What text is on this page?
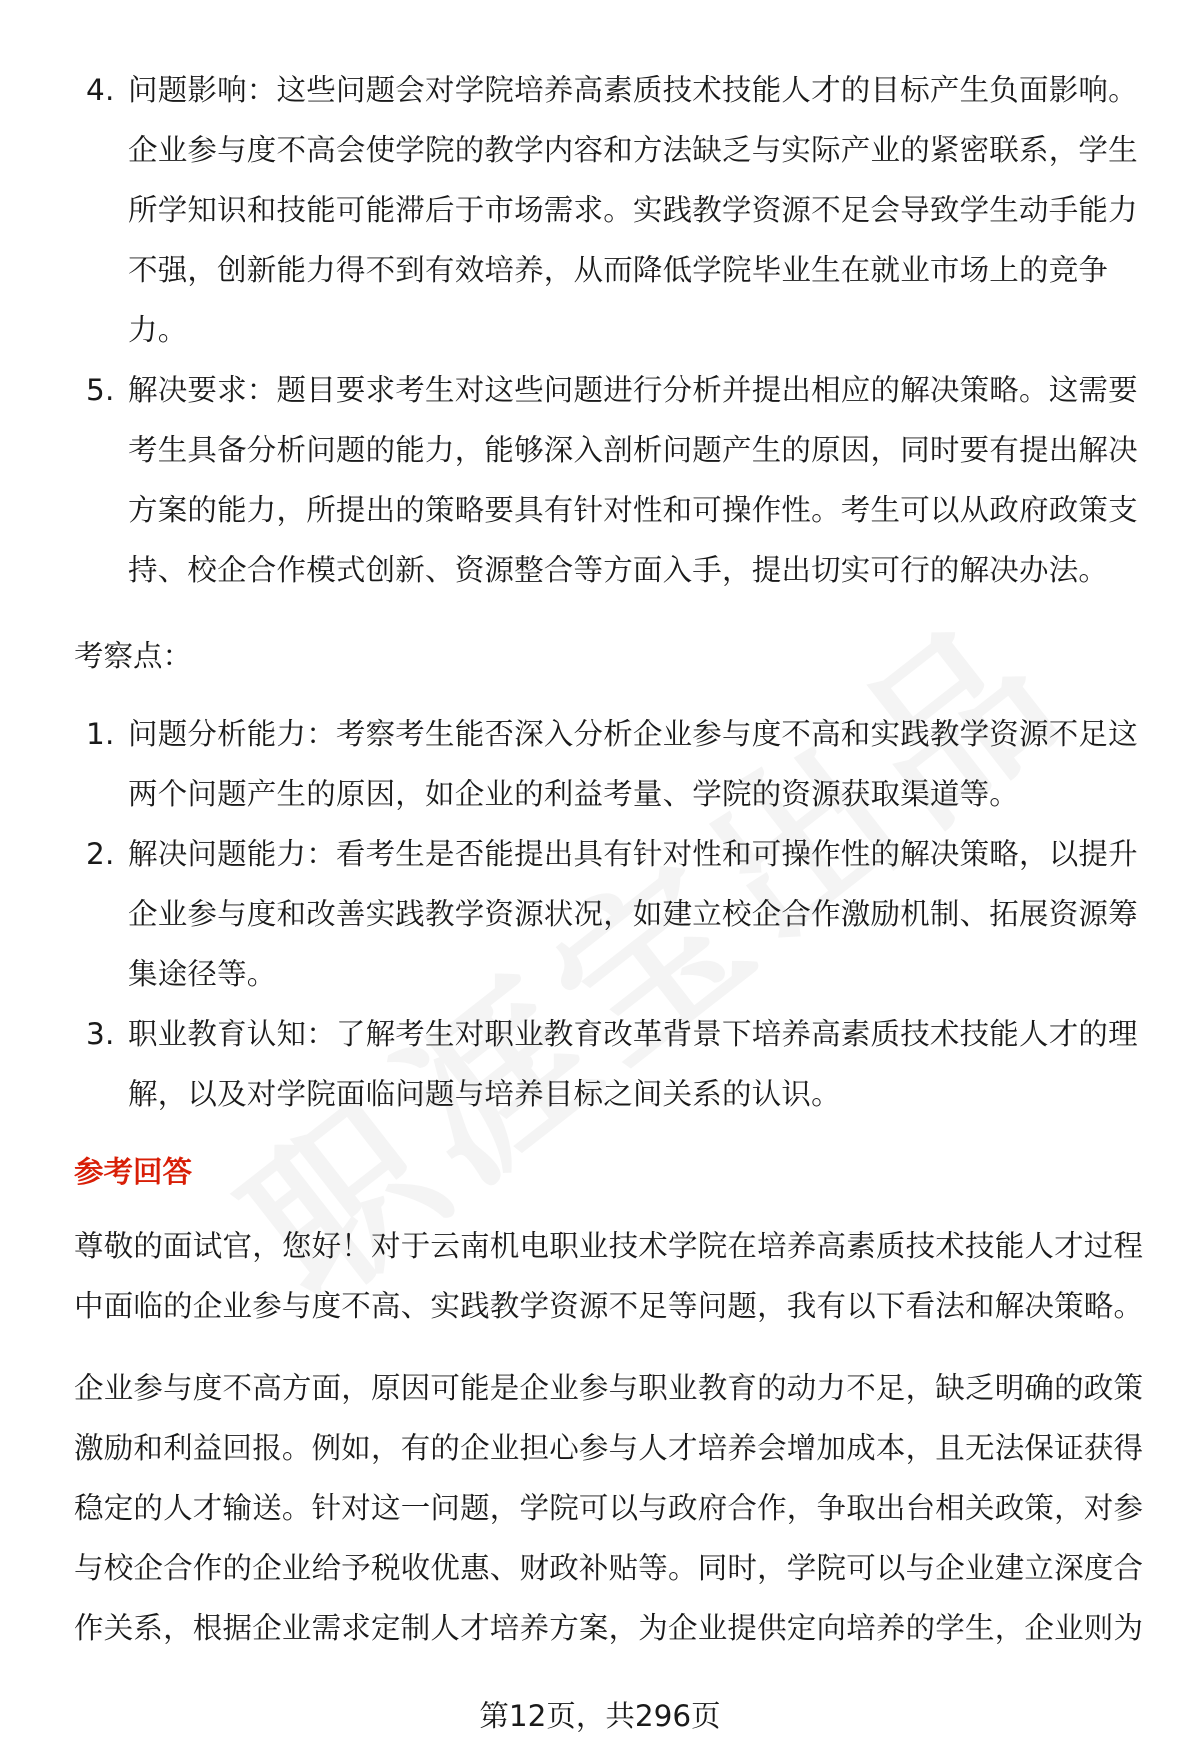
4. 问题影响：这些问题会对学院培养高素质技术技能人才的目标产生负面影响。企业参与度不高会使学院的教学内容和方法缺乏与实际产业的紧密联系，学生所学知识和技能可能滞后于市场需求。实践教学资源不足会导致学生动手能力不强，创新能力得不到有效培养，从而降低学院毕业生在就业市场上的竞争力。
5. 解决要求：题目要求考生对这些问题进行分析并提出相应的解决策略。这需要考生具备分析问题的能力，能够深入剖析问题产生的原因，同时要有提出解决方案的能力，所提出的策略要具有针对性和可操作性。考生可以从政府政策支持、校企合作模式创新、资源整合等方面入手，提出切实可行的解决办法。
考察点：
1. 问题分析能力：考察考生能否深入分析企业参与度不高和实践教学资源不足这两个问题产生的原因，如企业的利益考量、学院的资源获取渠道等。
2. 解决问题能力：看考生是否能提出具有针对性和可操作性的解决策略，以提升企业参与度和改善实践教学资源状况，如建立校企合作激励机制、拓展资源筹集途径等。
3. 职业教育认知：了解考生对职业教育改革背景下培养高素质技术技能人才的理解，以及对学院面临问题与培养目标之间关系的认识。
参考回答

尊敬的面试官，您好！对于云南机电职业技术学院在培养高素质技术技能人才过程中面临的企业参与度不高、实践教学资源不足等问题，我有以下看法和解决策略。

企业参与度不高方面，原因可能是企业参与职业教育的动力不足，缺乏明确的政策激励和利益回报。例如，有的企业担心参与人才培养会增加成本，且无法保证获得稳定的人才输送。针对这一问题，学院可以与政府合作，争取出台相关政策，对参与校企合作的企业给予税收优惠、财政补贴等。同时，学院可以与企业建立深度合作关系，根据企业需求定制人才培养方案，为企业提供定向培养的学生，企业则为

第12页，共296页
